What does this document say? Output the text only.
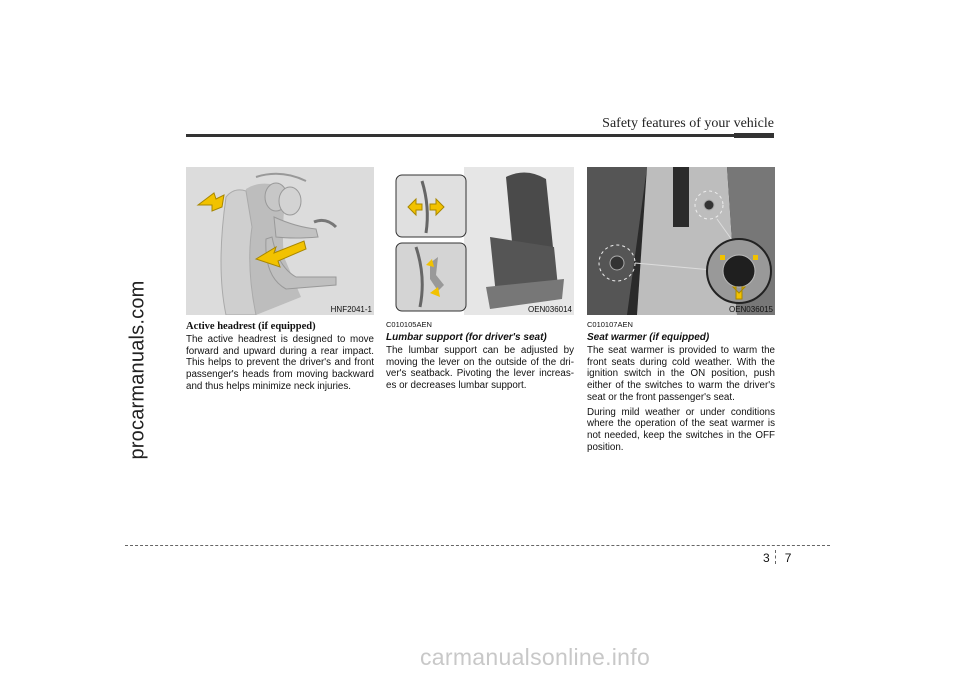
Safety features of your vehicle
procarmanuals.com	HNF2041-1
Active headrest (if equipped)

The active headrest is designed to move forward and upward during a rear impact. This helps to prevent the driver's and front passenger's heads from moving backward and thus helps minimize neck injuries.

OEN036014
C010105AEN
Lumbar support (for driver's seat)

The lumbar support can be adjusted by moving the lever on the outside of the dri-ver's seatback. Pivoting the lever increas-es or decreases lumbar support.

OEN036015
C010107AEN
Seat warmer (if equipped)

The seat warmer is provided to warm the front seats during cold weather. With the ignition switch in the ON position, push either of the switches to warm the driver's seat or the front passenger's seat.

During mild weather or under conditions where the operation of the seat warmer is not needed, keep the switches in the OFF position.

3 7
carmanualsonline.info
